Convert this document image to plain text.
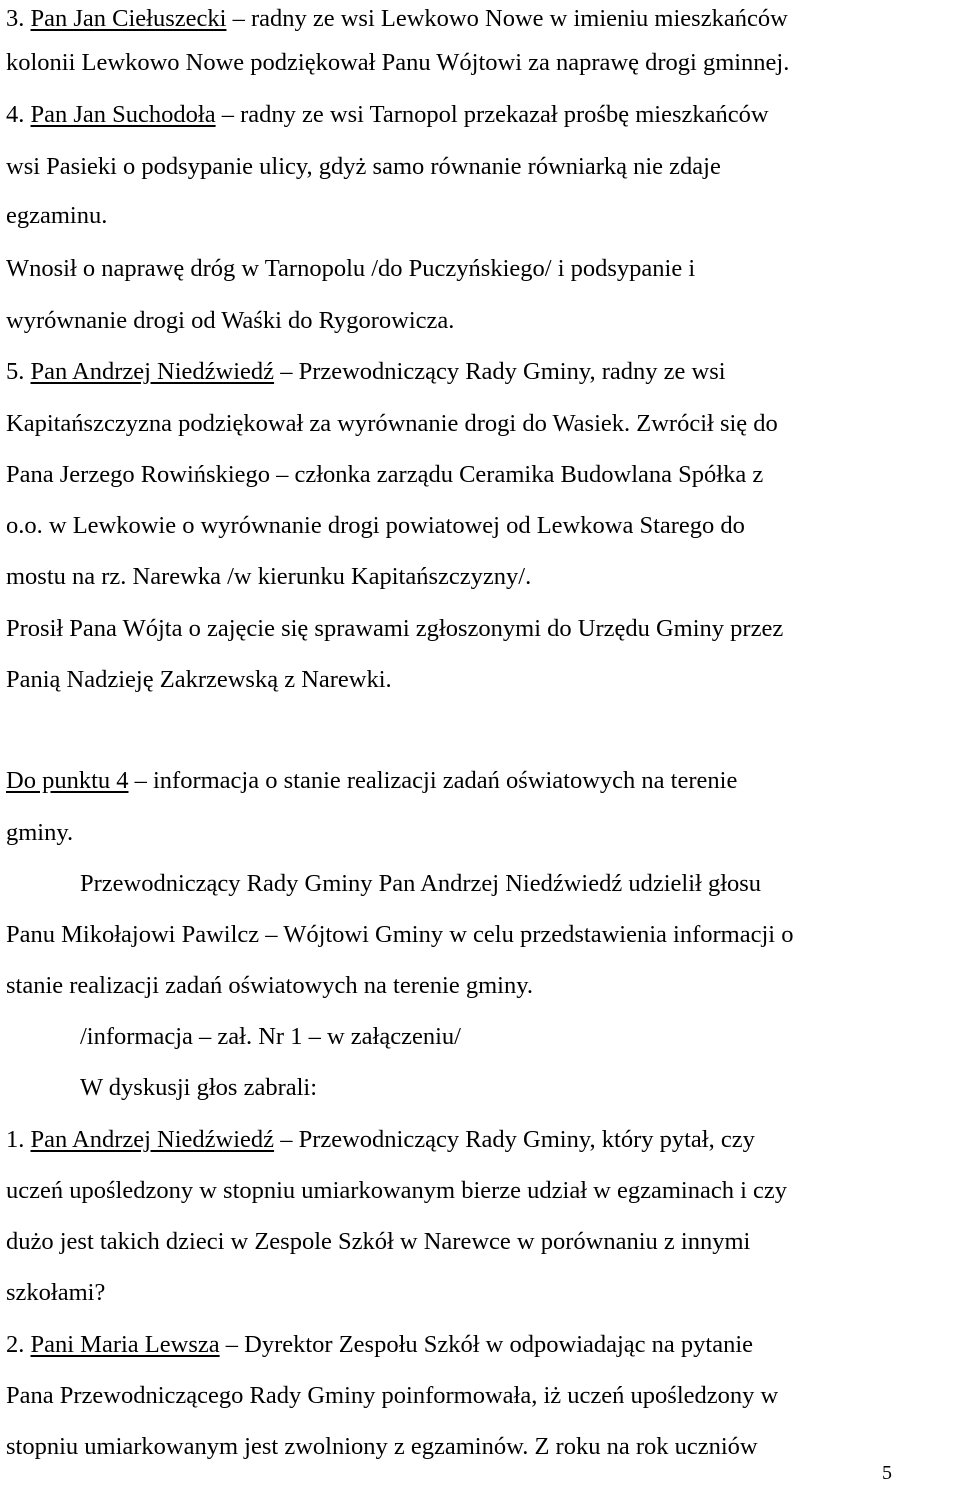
3. Pan Jan Ciełuszecki – radny ze wsi Lewkowo Nowe w imieniu mieszkańców
kolonii Lewkowo Nowe podziękował Panu Wójtowi za naprawę drogi gminnej.
4. Pan Jan Suchodoła – radny ze wsi Tarnopol przekazał prośbę mieszkańców
wsi Pasieki o podsypanie ulicy, gdyż samo równanie równiarką nie zdaje
egzaminu.
Wnosił o naprawę dróg w Tarnopolu /do Puczyńskiego/ i podsypanie i
wyrównanie drogi od Waśki do Rygorowicza.
5. Pan Andrzej Niedźwiedź – Przewodniczący Rady Gminy, radny ze wsi
Kapitańszczyzna podziękował za wyrównanie drogi do Wasiek. Zwrócił się do
Pana Jerzego Rowińskiego – członka zarządu Ceramika Budowlana Spółka z
o.o. w Lewkowie o wyrównanie drogi powiatowej od Lewkowa Starego do
mostu na rz. Narewka /w kierunku Kapitańszczyzny/.
Prosił Pana Wójta o zajęcie się sprawami zgłoszonymi do Urzędu Gminy przez
Panią Nadzieję Zakrzewską z Narewki.
Do punktu 4 – informacja o stanie realizacji zadań oświatowych na terenie
gminy.
Przewodniczący Rady Gminy Pan Andrzej Niedźwiedź udzielił głosu
Panu Mikołajowi Pawilcz – Wójtowi Gminy w celu przedstawienia informacji o
stanie realizacji zadań oświatowych na terenie gminy.
/informacja – zał. Nr 1 – w załączeniu/
W dyskusji głos zabrali:
1. Pan Andrzej Niedźwiedź – Przewodniczący Rady Gminy, który pytał, czy
uczeń upośledzony w stopniu umiarkowanym bierze udział w egzaminach i czy
dużo jest takich dzieci w Zespole Szkół w Narewce w porównaniu z innymi
szkołami?
2. Pani Maria Lewsza – Dyrektor Zespołu Szkół w odpowiadając na pytanie
Pana Przewodniczącego Rady Gminy poinformowała, iż uczeń upośledzony w
stopniu umiarkowanym jest zwolniony z egzaminów. Z roku na rok uczniów
5
